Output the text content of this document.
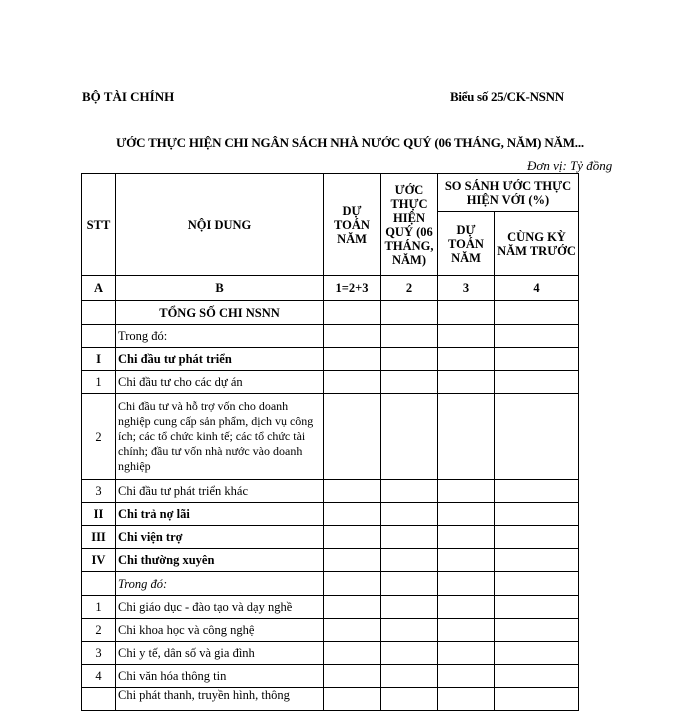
BỘ TÀI CHÍNH	Biểu số 25/CK-NSNN
ƯỚC THỰC HIỆN CHI NGÂN SÁCH NHÀ NƯỚC QUÝ (06 THÁNG, NĂM) NĂM...
Đơn vị: Tỷ đồng
STT	NỘI DUNG	DỰ TOÁN NĂM	ƯỚC THỰC HIỆN QUÝ (06 THÁNG, NĂM)	SO SÁNH ƯỚC THỰC HIỆN VỚI (%)	
				DỰ TOÁN NĂM	CÙNG KỲ NĂM TRƯỚC
A	B	1=2+3	2	3	4
	TỔNG SỐ CHI NSNN				
	Trong đó:				
I	Chi đầu tư phát triển				
1	Chi đầu tư cho các dự án				
2	Chi đầu tư và hỗ trợ vốn cho doanh nghiệp cung cấp sản phẩm, dịch vụ công ích; các tổ chức kinh tế; các tổ chức tài chính; đầu tư vốn nhà nước vào doanh nghiệp				
3	Chi đầu tư phát triển khác				
II	Chi trả nợ lãi				
III	Chi viện trợ				
IV	Chi thường xuyên				
	Trong đó:				
1	Chi giáo dục - đào tạo và dạy nghề				
2	Chi khoa học và công nghệ				
3	Chi y tế, dân số và gia đình				
4	Chi văn hóa thông tin				
	Chi phát thanh, truyền hình, thông				
